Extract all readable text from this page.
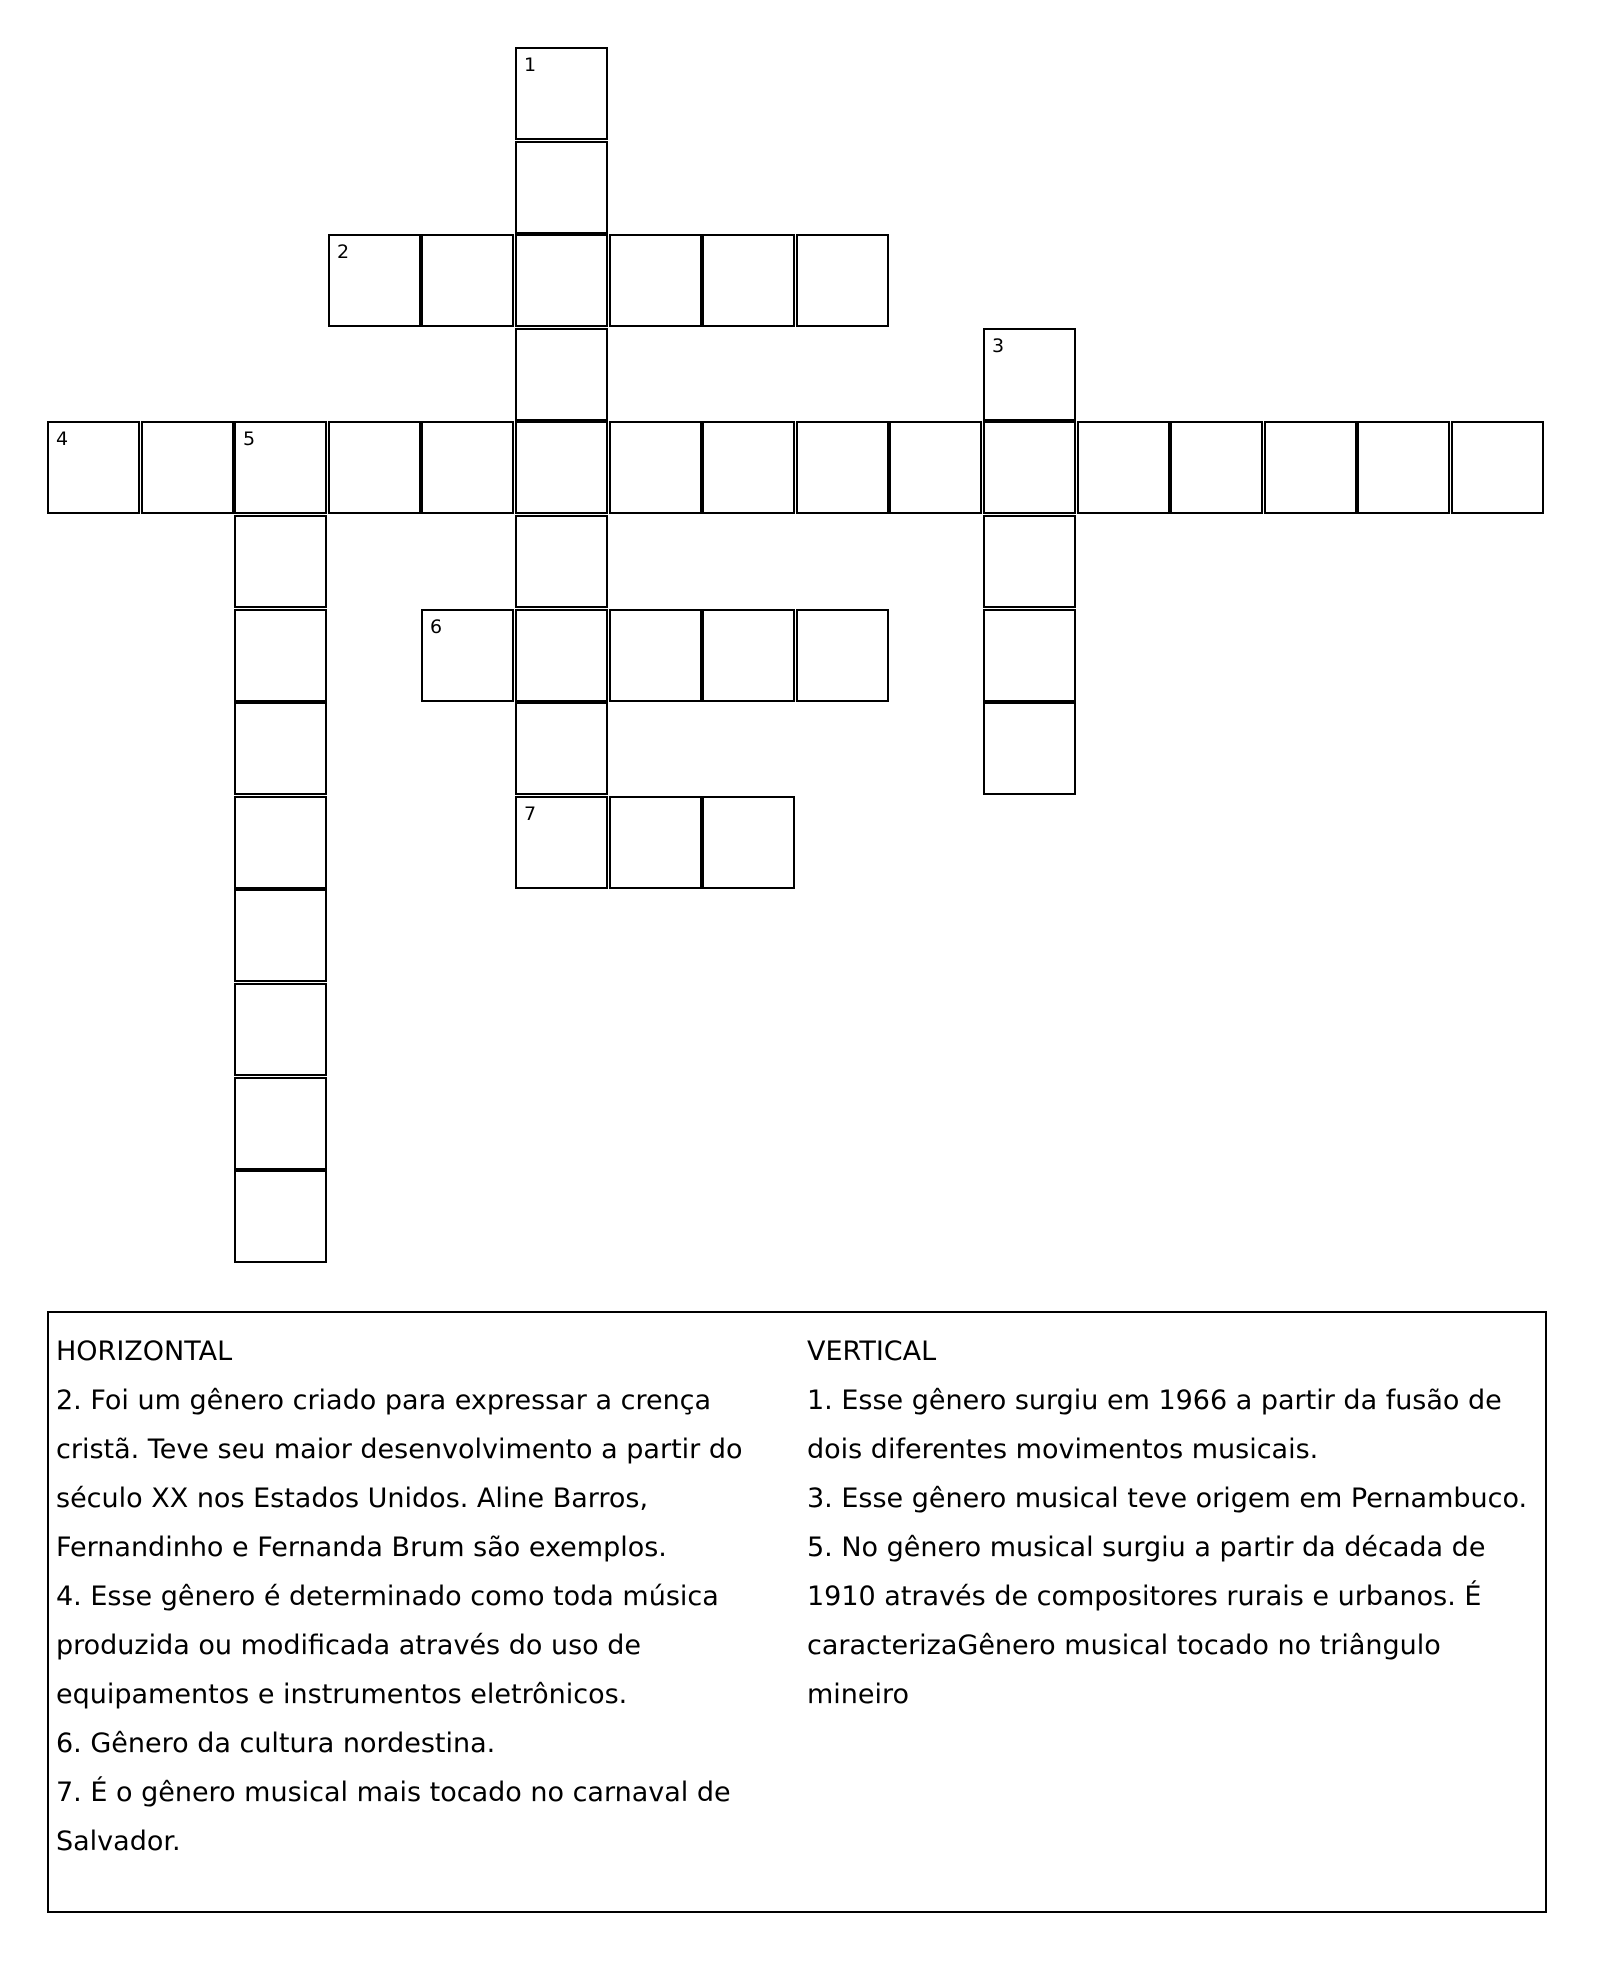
1
2
3
4	5
6
7

HORIZONTAL

2. Foi um gênero criado para expressar a crença cristã. Teve seu maior desenvolvimento a partir do século XX nos Estados Unidos. Aline Barros, Fernandinho e Fernanda Brum são exemplos.

4. Esse gênero é determinado como toda música produzida ou modificada através do uso de equipamentos e instrumentos eletrônicos.

6. Gênero da cultura nordestina.

7. É o gênero musical mais tocado no carnaval de Salvador.

VERTICAL

1. Esse gênero surgiu em 1966 a partir da fusão de dois diferentes movimentos musicais.

3. Esse gênero musical teve origem em Pernambuco.

5. No gênero musical surgiu a partir da década de 1910 através de compositores rurais e urbanos. É caracterizaGênero musical tocado no triângulo mineiro
